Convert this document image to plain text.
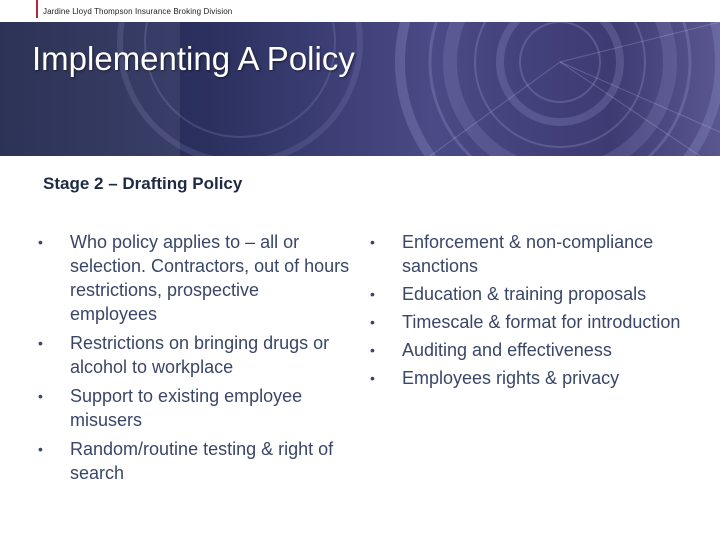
Jardine Lloyd Thompson Insurance Broking Division
Implementing A Policy
Stage 2 – Drafting Policy
•	Who policy applies to – all or selection. Contractors, out of hours restrictions, prospective employees
•	Restrictions on bringing drugs or alcohol to workplace
•	Support to existing employee misusers
•	Random/routine testing & right of search
•	Enforcement & non-compliance sanctions
•	Education & training proposals
•	Timescale & format for introduction
•	Auditing and effectiveness
•	Employees rights & privacy
